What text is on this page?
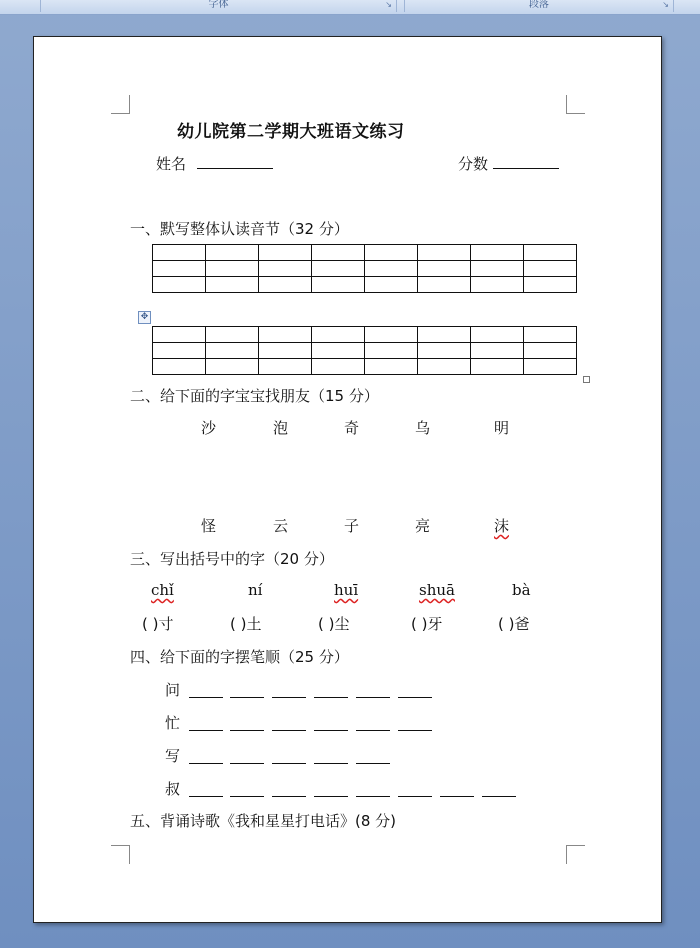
字体	↘	段落	↘
幼儿院第二学期大班语文练习
姓名	分数
一、默写整体认读音节（32 分）

✥

二、给下面的字宝宝找朋友（15 分）
沙	泡	奇	乌	明
怪	云	子	亮	沫
三、写出括号中的字（20 分）
chǐ	ní	huī	shuā	bà
( )寸	( )土	( )尘	( )牙	( )爸
四、给下面的字摆笔顺（25 分）
问
忙
写
叔
五、背诵诗歌《我和星星打电话》(8 分)
